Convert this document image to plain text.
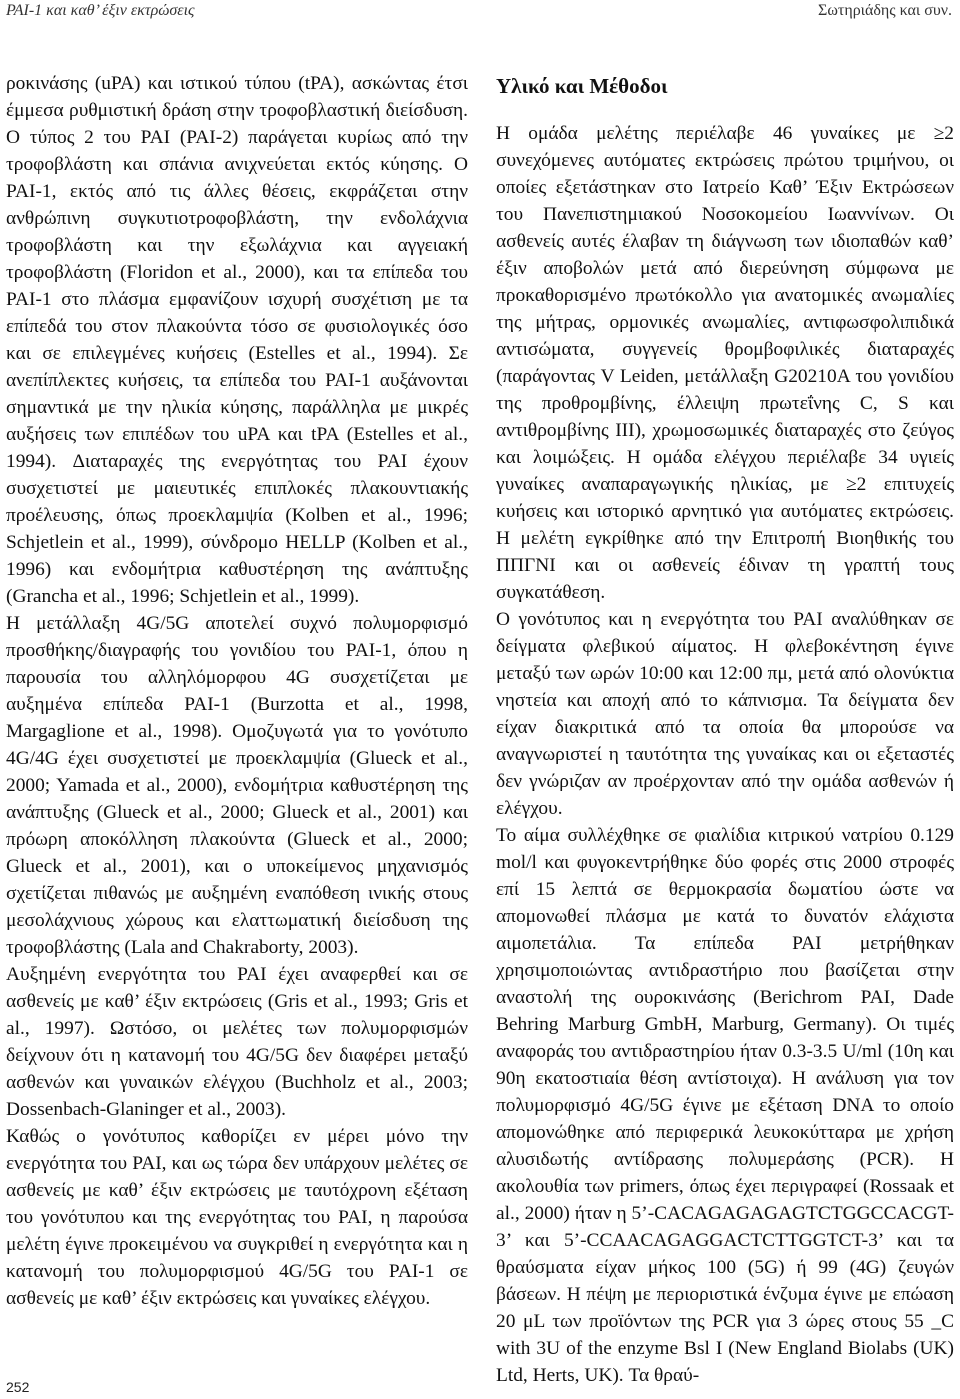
PAI-1 και καθ’ έξιν εκτρώσεις	Σωτηριάδης και συν.

ροκινάσης (uPA) και ιστικού τύπου (tPA), ασκώντας έτσι έμμεσα ρυθμιστική δράση στην τροφοβλαστική διείσδυση. Ο τύπος 2 του PAI (PAI-2) παράγεται κυρίως από την τροφοβλάστη και σπάνια ανιχνεύεται εκτός κύησης. Ο PAI-1, εκτός από τις άλλες θέσεις, εκφράζεται στην ανθρώπινη συγκυτιοτροφοβλάστη, την ενδολάχνια τροφοβλάστη και την εξωλάχνια και αγγειακή τροφοβλάστη (Floridon et al., 2000), και τα επίπεδα του PAI-1 στο πλάσμα εμφανίζουν ισχυρή συσχέτιση με τα επίπεδά του στον πλακούντα τόσο σε φυσιολογικές όσο και σε επιλεγμένες κυήσεις (Estelles et al., 1994). Σε ανεπίπλεκτες κυήσεις, τα επίπεδα του PAI-1 αυξάνονται σημαντικά με την ηλικία κύησης, παράλληλα με μικρές αυξήσεις των επιπέδων του uPA και tPA (Estelles et al., 1994). Διαταραχές της ενεργότητας του PAI έχουν συσχετιστεί με μαιευτικές επιπλοκές πλακουντιακής προέλευσης, όπως προεκλαμψία (Kolben et al., 1996; Schjetlein et al., 1999), σύνδρομο HELLP (Kolben et al., 1996) και ενδομήτρια καθυστέρηση της ανάπτυξης (Grancha et al., 1996; Schjetlein et al., 1999).

Η μετάλλαξη 4G/5G αποτελεί συχνό πολυμορφισμό προσθήκης/διαγραφής του γονιδίου του PAI-1, όπου η παρουσία του αλληλόμορφου 4G συσχετίζεται με αυξημένα επίπεδα PAI-1 (Burzotta et al., 1998, Margaglione et al., 1998). Ομοζυγωτά για το γονότυπο 4G/4G έχει συσχετιστεί με προεκλαμψία (Glueck et al., 2000; Yamada et al., 2000), ενδομήτρια καθυστέρηση της ανάπτυξης (Glueck et al., 2000; Glueck et al., 2001) και πρόωρη αποκόλληση πλακούντα (Glueck et al., 2000; Glueck et al., 2001), και ο υποκείμενος μηχανισμός σχετίζεται πιθανώς με αυξημένη εναπόθεση ινικής στους μεσολάχνιους χώρους και ελαττωματική διείσδυση της τροφοβλάστης (Lala and Chakraborty, 2003).

Αυξημένη ενεργότητα του PAI έχει αναφερθεί και σε ασθενείς με καθ’ έξιν εκτρώσεις (Gris et al., 1993; Gris et al., 1997). Ωστόσο, οι μελέτες των πολυμορφισμών δείχνουν ότι η κατανομή του 4G/5G δεν διαφέρει μεταξύ ασθενών και γυναικών ελέγχου (Buchholz et al., 2003; Dossenbach-Glaninger et al., 2003).

Καθώς ο γονότυπος καθορίζει εν μέρει μόνο την ενεργότητα του PAI, και ως τώρα δεν υπάρχουν μελέτες σε ασθενείς με καθ’ έξιν εκτρώσεις με ταυτόχρονη εξέταση του γονότυπου και της ενεργότητας του PAI, η παρούσα μελέτη έγινε προκειμένου να συγκριθεί η ενεργότητα και η κατανομή του πολυμορφισμού 4G/5G του PAI-1 σε ασθενείς με καθ’ έξιν εκτρώσεις και γυναίκες ελέγχου.

Υλικό και Μέθοδοι

Η ομάδα μελέτης περιέλαβε 46 γυναίκες με ≥2 συνεχόμενες αυτόματες εκτρώσεις πρώτου τριμήνου, οι οποίες εξετάστηκαν στο Ιατρείο Καθ’ Έξιν Εκτρώσεων του Πανεπιστημιακού Νοσοκομείου Ιωαννίνων. Οι ασθενείς αυτές έλαβαν τη διάγνωση των ιδιοπαθών καθ’ έξιν αποβολών μετά από διερεύνηση σύμφωνα με προκαθορισμένο πρωτόκολλο για ανατομικές ανωμαλίες της μήτρας, ορμονικές ανωμαλίες, αντιφωσφολιπιδικά αντισώματα, συγγενείς θρομβοφιλικές διαταραχές (παράγοντας V Leiden, μετάλλαξη G20210A του γονιδίου της προθρομβίνης, έλλειψη πρωτεΐνης C, S και αντιθρομβίνης III), χρωμοσωμικές διαταραχές στο ζεύγος και λοιμώξεις. Η ομάδα ελέγχου περιέλαβε 34 υγιείς γυναίκες αναπαραγωγικής ηλικίας, με ≥2 επιτυχείς κυήσεις και ιστορικό αρνητικό για αυτόματες εκτρώσεις. Η μελέτη εγκρίθηκε από την Επιτροπή Βιοηθικής του ΠΠΓΝΙ και οι ασθενείς έδιναν τη γραπτή τους συγκατάθεση.

Ο γονότυπος και η ενεργότητα του PAI αναλύθηκαν σε δείγματα φλεβικού αίματος. Η φλεβοκέντηση έγινε μεταξύ των ωρών 10:00 και 12:00 πμ, μετά από ολονύκτια νηστεία και αποχή από το κάπνισμα. Τα δείγματα δεν είχαν διακριτικά από τα οποία θα μπορούσε να αναγνωριστεί η ταυτότητα της γυναίκας και οι εξεταστές δεν γνώριζαν αν προέρχονταν από την ομάδα ασθενών ή ελέγχου.

Το αίμα συλλέχθηκε σε φιαλίδια κιτρικού νατρίου 0.129 mol/l και φυγοκεντρήθηκε δύο φορές στις 2000 στροφές επί 15 λεπτά σε θερμοκρασία δωματίου ώστε να απομονωθεί πλάσμα με κατά το δυνατόν ελάχιστα αιμοπετάλια. Τα επίπεδα PAI μετρήθηκαν χρησιμοποιώντας αντιδραστήριο που βασίζεται στην αναστολή της ουροκινάσης (Berichrom PAI, Dade Behring Marburg GmbH, Marburg, Germany). Οι τιμές αναφοράς του αντιδραστηρίου ήταν 0.3-3.5 U/ml (10η και 90η εκατοστιαία θέση αντίστοιχα). Η ανάλυση για τον πολυμορφισμό 4G/5G έγινε με εξέταση DNA το οποίο απομονώθηκε από περιφερικά λευκοκύτταρα με χρήση αλυσιδωτής αντίδρασης πολυμεράσης (PCR). Η ακολουθία των primers, όπως έχει περιγραφεί (Rossaak et al., 2000) ήταν η 5’-CACAGAGAGAGTCTGGCCACGT-3’ και 5’-CCAACAGAGGACTCTTGGTCT-3’ και τα θραύσματα είχαν μήκος 100 (5G) ή 99 (4G) ζευγών βάσεων. Η πέψη με περιοριστικά ένζυμα έγινε με επώαση 20 μL των προϊόντων της PCR για 3 ώρες στους 55 _C with 3U of the enzyme Bsl I (New England Biolabs (UK) Ltd, Herts, UK). Τα θραύ-

252
